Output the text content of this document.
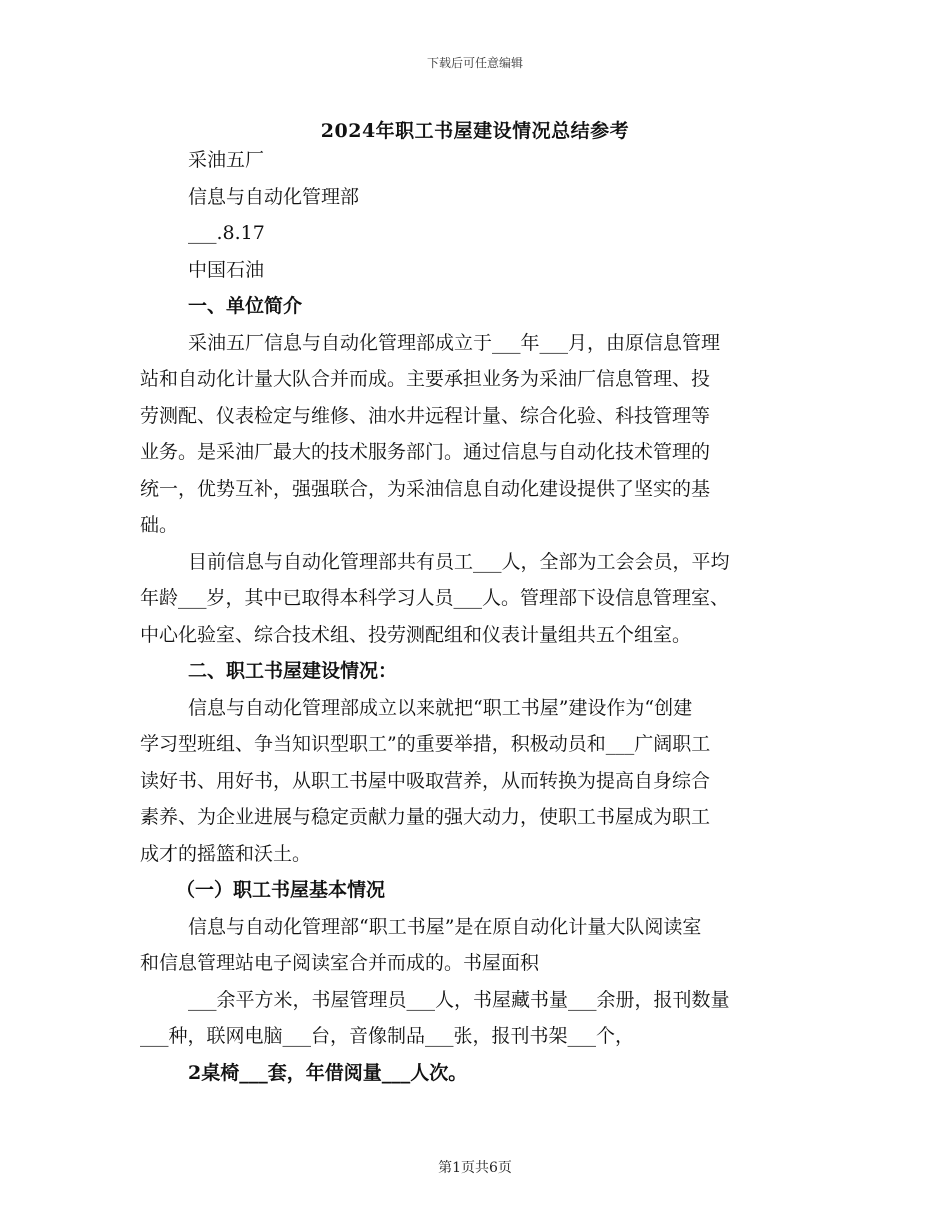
下载后可任意编辑
2024年职工书屋建设情况总结参考
采油五厂
信息与自动化管理部
___.8.17
中国石油
一、单位简介
采油五厂信息与自动化管理部成立于___年___月，由原信息管理
站和自动化计量大队合并而成。主要承担业务为采油厂信息管理、投
劳测配、仪表检定与维修、油水井远程计量、综合化验、科技管理等
业务。是采油厂最大的技术服务部门。通过信息与自动化技术管理的
统一，优势互补，强强联合，为采油信息自动化建设提供了坚实的基
础。
目前信息与自动化管理部共有员工___人，全部为工会会员，平均
年龄___岁，其中已取得本科学习人员___人。管理部下设信息管理室、
中心化验室、综合技术组、投劳测配组和仪表计量组共五个组室。
二、职工书屋建设情况：
信息与自动化管理部成立以来就把“职工书屋”建设作为“创建
学习型班组、争当知识型职工”的重要举措，积极动员和___广阔职工
读好书、用好书，从职工书屋中吸取营养，从而转换为提高自身综合
素养、为企业进展与稳定贡献力量的强大动力，使职工书屋成为职工
成才的摇篮和沃土。
（一）职工书屋基本情况
信息与自动化管理部“职工书屋”是在原自动化计量大队阅读室
和信息管理站电子阅读室合并而成的。书屋面积
___余平方米，书屋管理员___人，书屋藏书量___余册，报刊数量
___种，联网电脑___台，音像制品___张，报刊书架___个，
2桌椅___套，年借阅量___人次。
第1页共6页
